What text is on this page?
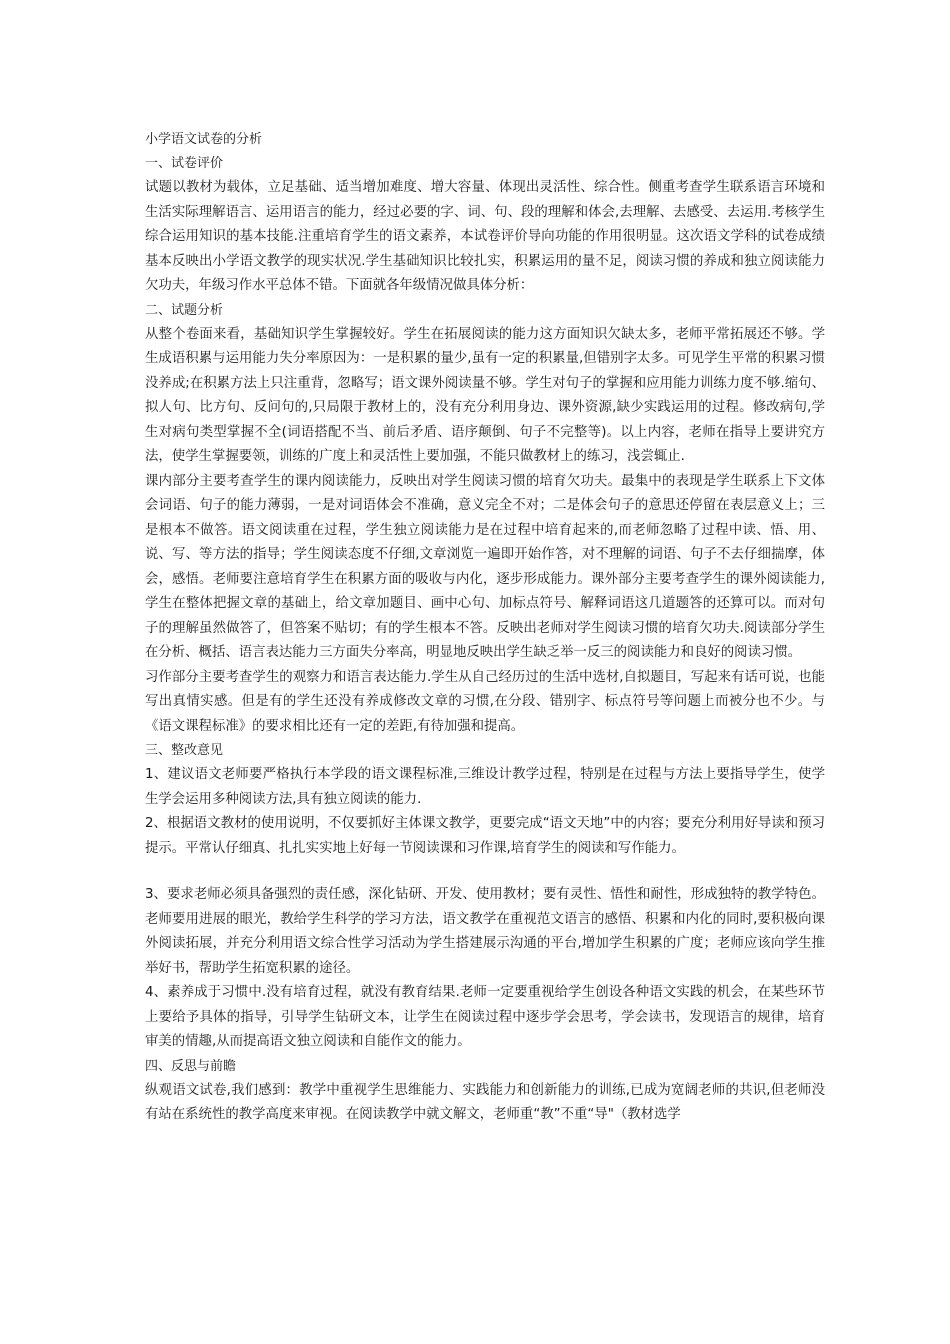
小学语文试卷的分析

一、试卷评价

试题以教材为载体，立足基础、适当增加难度、增大容量、体现出灵活性、综合性。侧重考查学生联系语言环境和生活实际理解语言、运用语言的能力，经过必要的字、词、句、段的理解和体会,去理解、去感受、去运用.考核学生综合运用知识的基本技能.注重培育学生的语文素养，本试卷评价导向功能的作用很明显。这次语文学科的试卷成绩基本反映出小学语文教学的现实状况.学生基础知识比较扎实，积累运用的量不足，阅读习惯的养成和独立阅读能力欠功夫，年级习作水平总体不错。下面就各年级情况做具体分析：

二、试题分析

从整个卷面来看，基础知识学生掌握较好。学生在拓展阅读的能力这方面知识欠缺太多，老师平常拓展还不够。学生成语积累与运用能力失分率原因为：一是积累的量少,虽有一定的积累量,但错别字太多。可见学生平常的积累习惯没养成;在积累方法上只注重背，忽略写；语文课外阅读量不够。学生对句子的掌握和应用能力训练力度不够.缩句、拟人句、比方句、反问句的,只局限于教材上的，没有充分利用身边、课外资源,缺少实践运用的过程。修改病句,学生对病句类型掌握不全(词语搭配不当、前后矛盾、语序颠倒、句子不完整等)。以上内容，老师在指导上要讲究方法，使学生掌握要领，训练的广度上和灵活性上要加强，不能只做教材上的练习，浅尝辄止.

课内部分主要考查学生的课内阅读能力，反映出对学生阅读习惯的培育欠功夫。最集中的表现是学生联系上下文体会词语、句子的能力薄弱，一是对词语体会不准确，意义完全不对；二是体会句子的意思还停留在表层意义上；三是根本不做答。语文阅读重在过程，学生独立阅读能力是在过程中培育起来的,而老师忽略了过程中读、悟、用、说、写、等方法的指导；学生阅读态度不仔细,文章浏览一遍即开始作答，对不理解的词语、句子不去仔细揣摩，体会，感悟。老师要注意培育学生在积累方面的吸收与内化，逐步形成能力。课外部分主要考查学生的课外阅读能力,学生在整体把握文章的基础上，给文章加题目、画中心句、加标点符号、解释词语这几道题答的还算可以。而对句子的理解虽然做答了，但答案不贴切；有的学生根本不答。反映出老师对学生阅读习惯的培育欠功夫.阅读部分学生在分析、概括、语言表达能力三方面失分率高，明显地反映出学生缺乏举一反三的阅读能力和良好的阅读习惯。

习作部分主要考查学生的观察力和语言表达能力.学生从自己经历过的生活中选材,自拟题目，写起来有话可说，也能写出真情实感。但是有的学生还没有养成修改文章的习惯,在分段、错别字、标点符号等问题上而被分也不少。与《语文课程标准》的要求相比还有一定的差距,有待加强和提高。

三、整改意见

1、建议语文老师要严格执行本学段的语文课程标准,三维设计教学过程，特别是在过程与方法上要指导学生，使学生学会运用多种阅读方法,具有独立阅读的能力.

2、根据语文教材的使用说明，不仅要抓好主体课文教学，更要完成“语文天地”中的内容；要充分利用好导读和预习提示。平常认仔细真、扎扎实实地上好每一节阅读课和习作课,培育学生的阅读和写作能力。

3、要求老师必须具备强烈的责任感，深化钻研、开发、使用教材；要有灵性、悟性和耐性，形成独特的教学特色。老师要用进展的眼光，教给学生科学的学习方法，语文教学在重视范文语言的感悟、积累和内化的同时,要积极向课外阅读拓展，并充分利用语文综合性学习活动为学生搭建展示沟通的平台,增加学生积累的广度；老师应该向学生推举好书，帮助学生拓宽积累的途径。

4、素养成于习惯中.没有培育过程，就没有教育结果.老师一定要重视给学生创设各种语文实践的机会，在某些环节上要给予具体的指导，引导学生钻研文本，让学生在阅读过程中逐步学会思考，学会读书，发现语言的规律，培育审美的情趣,从而提高语文独立阅读和自能作文的能力。

四、反思与前瞻

纵观语文试卷,我们感到：教学中重视学生思维能力、实践能力和创新能力的训练,已成为宽阔老师的共识,但老师没有站在系统性的教学高度来审视。在阅读教学中就文解文，老师重“教”不重“导"（教材选学
